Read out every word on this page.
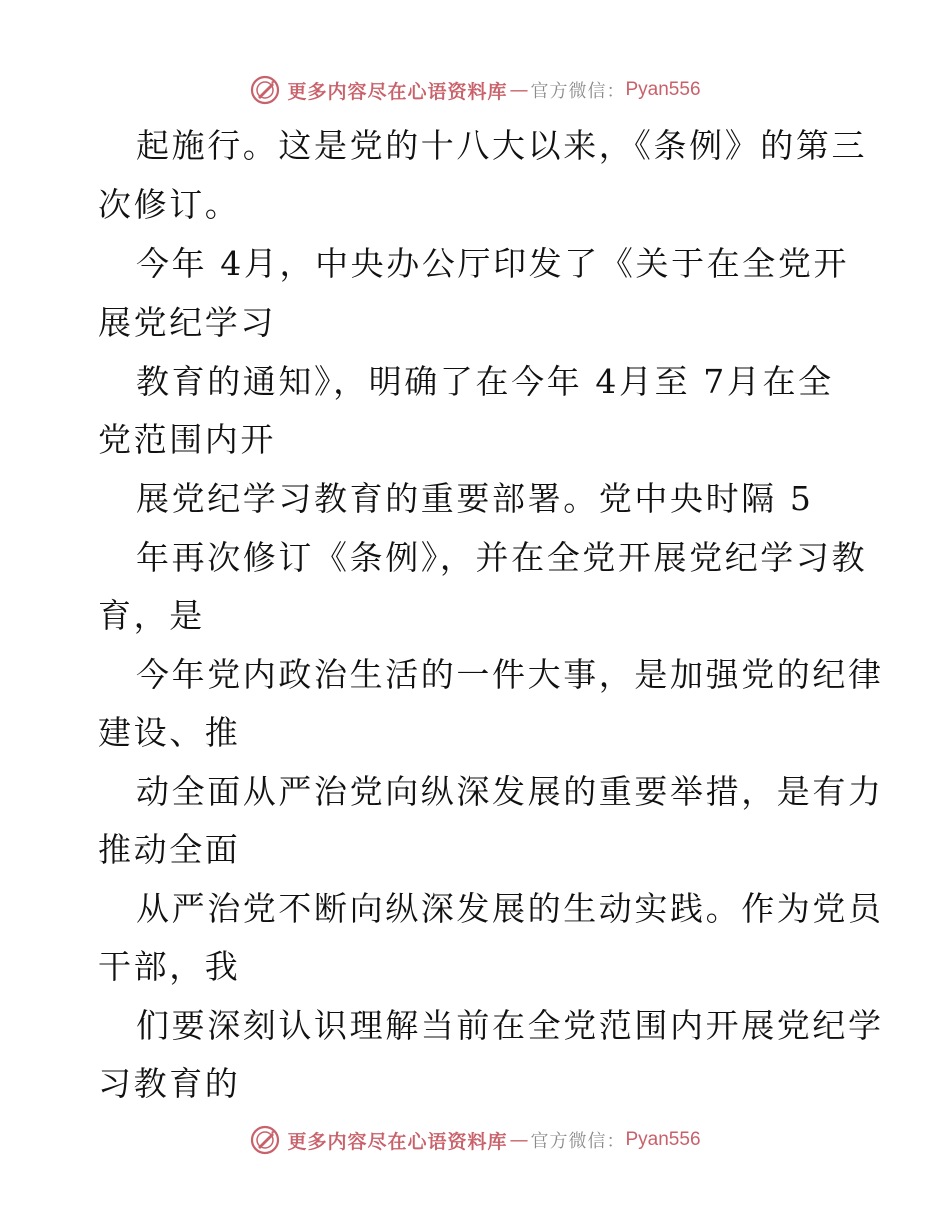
更多内容尽在心语资料库 — 官方微信： Pyan556
起施行。这是党的十八大以来，《条例》的第三
次修订。
今年 4月，中央办公厅印发了《关于在全党开
展党纪学习
教育的通知》，明确了在今年 4月至 7月在全
党范围内开
展党纪学习教育的重要部署。党中央时隔 5
年再次修订《条例》，并在全党开展党纪学习教
育，是
今年党内政治生活的一件大事，是加强党的纪律
建设、推
动全面从严治党向纵深发展的重要举措，是有力
推动全面
从严治党不断向纵深发展的生动实践。作为党员
干部，我
们要深刻认识理解当前在全党范围内开展党纪学
习教育的
更多内容尽在心语资料库 — 官方微信： Pyan556
